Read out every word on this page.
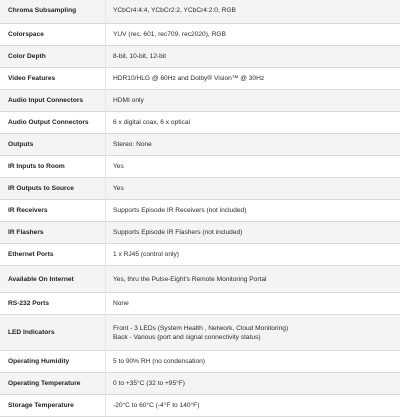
Chroma Subsampling	YCbCr4:4:4, YCbCr2:2, YCbCr4:2:0, RGB

Colorspace	YUV (rec. 601, rec709, rec2020), RGB

Color Depth	8-bit, 10-bit, 12-bit

Video Features	HDR10/HLG @ 60Hz and Dolby® Vision™ @ 30Hz

Audio Input Connectors	HDMI only

Audio Output Connectors	6 x digital coax, 6 x optical

Outputs	Stereo: None

IR Inputs to Room	Yes

IR Outputs to Source	Yes

IR Receivers	Supports Episode IR Receivers (not included)

IR Flashers	Supports Episode IR Flashers (not included)

Ethernet Ports	1 x RJ45 (control only)

Available On Internet	Yes, thru the Pulse-Eight's Remote Monitoring Portal

RS-232 Ports	None

LED Indicators	Front - 3 LEDs (System Health , Network, Cloud Monitoring)
Back - Various (port and signal connectivity status)

Operating Humidity	5 to 90% RH (no condensation)

Operating Temperature	0 to +35°C (32 to +95°F)

Storage Temperature	-20°C to 60°C (-4°F to 140°F)
